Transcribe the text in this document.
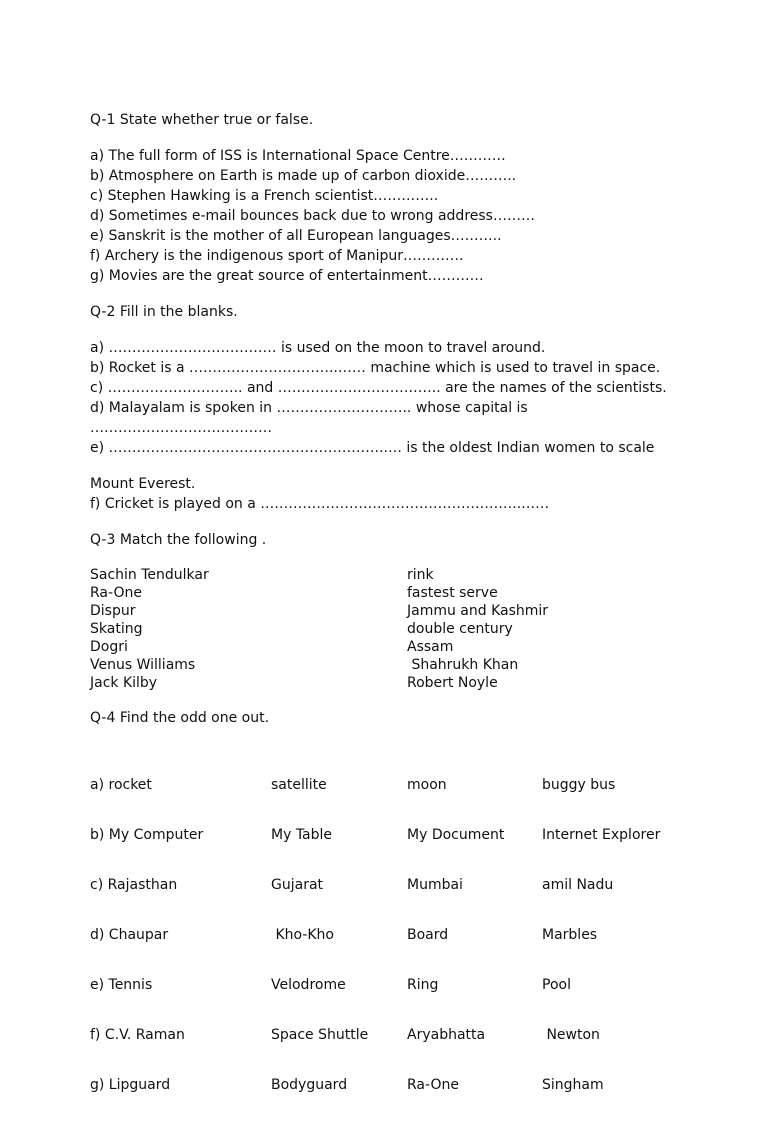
Q-1 State whether true or false.
a) The full form of ISS is International Space Centre…………
b) Atmosphere on Earth is made up of carbon dioxide………..
c) Stephen Hawking is a French scientist…………..
d) Sometimes e-mail bounces back due to wrong address………
e) Sanskrit is the mother of all European languages………..
f) Archery is the indigenous sport of Manipur………….
g) Movies are the great source of entertainment…………
Q-2 Fill in the blanks.
a) ……………………………… is used on the moon to travel around.
b) Rocket is a …………………………..…… machine which is used to travel in space.
c) ……………………….. and …………………………….. are the names of the scientists.
d) Malayalam is spoken in ……………………….. whose capital is
…………………………………
e) …………………………………………………..…. is the oldest Indian women to scale
Mount Everest.
f) Cricket is played on a ………………………………………………..……
Q-3 Match the following .
Sachin Tendulkar	rink
Ra-One	fastest serve
Dispur	Jammu and Kashmir
Skating	double century
Dogri	Assam
Venus Williams	Shahrukh Khan
Jack Kilby	Robert Noyle
Q-4 Find the odd one out.

a) rocket	satellite	moon	buggy bus

b) My Computer	My Table	My Document	Internet Explorer

c) Rajasthan	Gujarat	Mumbai	amil Nadu

d) Chaupar	Kho-Kho	Board	Marbles

e) Tennis	Velodrome	Ring	Pool

f) C.V. Raman	Space Shuttle	Aryabhatta	Newton

g) Lipguard	Bodyguard	Ra-One	Singham
